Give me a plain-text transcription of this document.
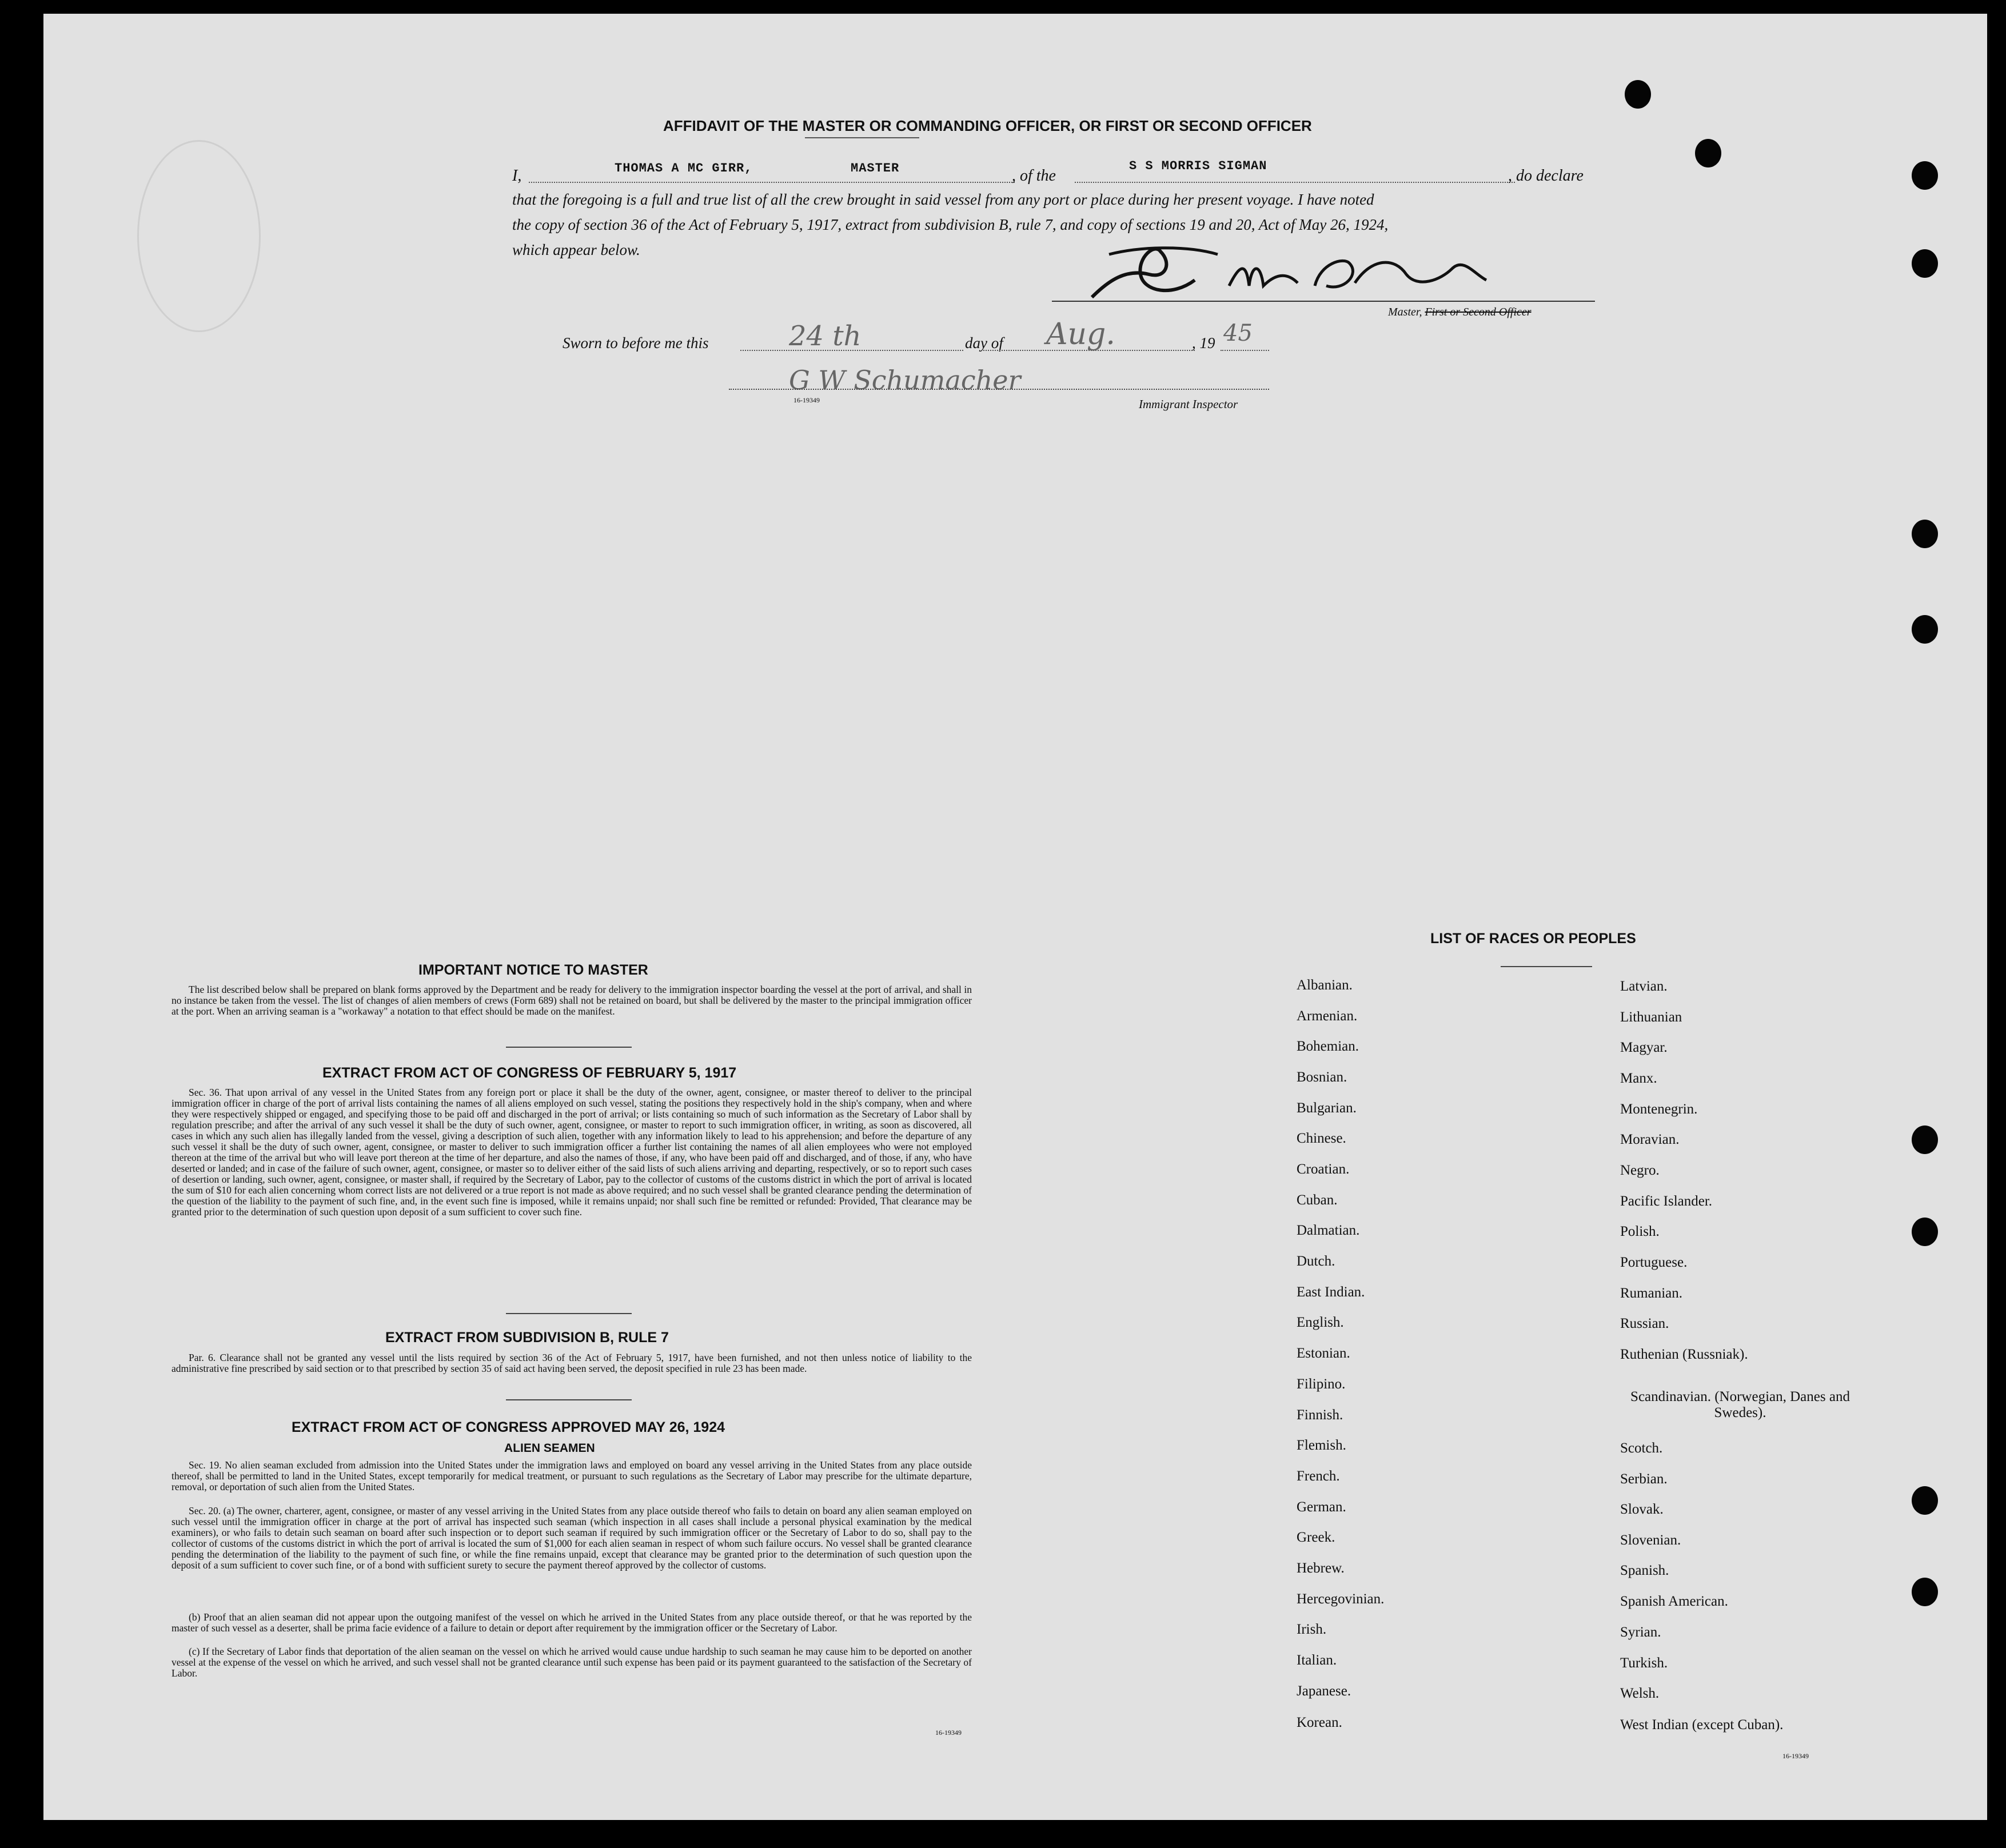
AFFIDAVIT OF THE MASTER OR COMMANDING OFFICER, OR FIRST OR SECOND OFFICER
I,	THOMAS A MC GIRR,	MASTER	, of the
S S MORRIS SIGMAN
, do declare
that the foregoing is a full and true list of all the crew brought in said vessel from any port or place during her present voyage. I have noted
the copy of section 36 of the Act of February 5, 1917, extract from subdivision B, rule 7, and copy of sections 19 and 20, Act of May 26, 1924,
which appear below.
Master, First or Second Officer
Sworn to before me this	24 th	day of Aug.	, 19 45
G W Schumacher
16-19349	Immigrant Inspector
IMPORTANT NOTICE TO MASTER
The list described below shall be prepared on blank forms approved by the Department and be ready for delivery to the immigration inspector boarding the vessel at the port of arrival, and shall in no instance be taken from the vessel. The list of changes of alien members of crews (Form 689) shall not be retained on board, but shall be delivered by the master to the principal immigration officer at the port. When an arriving seaman is a "workaway" a notation to that effect should be made on the manifest.
EXTRACT FROM ACT OF CONGRESS OF FEBRUARY 5, 1917
Sec. 36. That upon arrival of any vessel in the United States from any foreign port or place it shall be the duty of the owner, agent, consignee, or master thereof to deliver to the principal immigration officer in charge of the port of arrival lists containing the names of all aliens employed on such vessel, stating the positions they respectively hold in the ship's company, when and where they were respectively shipped or engaged, and specifying those to be paid off and discharged in the port of arrival; or lists containing so much of such information as the Secretary of Labor shall by regulation prescribe; and after the arrival of any such vessel it shall be the duty of such owner, agent, consignee, or master to report to such immigration officer, in writing, as soon as discovered, all cases in which any such alien has illegally landed from the vessel, giving a description of such alien, together with any information likely to lead to his apprehension; and before the departure of any such vessel it shall be the duty of such owner, agent, consignee, or master to deliver to such immigration officer a further list containing the names of all alien employees who were not employed thereon at the time of the arrival but who will leave port thereon at the time of her departure, and also the names of those, if any, who have been paid off and discharged, and of those, if any, who have deserted or landed; and in case of the failure of such owner, agent, consignee, or master so to deliver either of the said lists of such aliens arriving and departing, respectively, or so to report such cases of desertion or landing, such owner, agent, consignee, or master shall, if required by the Secretary of Labor, pay to the collector of customs of the customs district in which the port of arrival is located the sum of $10 for each alien concerning whom correct lists are not delivered or a true report is not made as above required; and no such vessel shall be granted clearance pending the determination of the question of the liability to the payment of such fine, and, in the event such fine is imposed, while it remains unpaid; nor shall such fine be remitted or refunded: Provided, That clearance may be granted prior to the determination of such question upon deposit of a sum sufficient to cover such fine.
EXTRACT FROM SUBDIVISION B, RULE 7
Par. 6. Clearance shall not be granted any vessel until the lists required by section 36 of the Act of February 5, 1917, have been furnished, and not then unless notice of liability to the administrative fine prescribed by said section or to that prescribed by section 35 of said act having been served, the deposit specified in rule 23 has been made.
EXTRACT FROM ACT OF CONGRESS APPROVED MAY 26, 1924
ALIEN SEAMEN
Sec. 19. No alien seaman excluded from admission into the United States under the immigration laws and employed on board any vessel arriving in the United States from any place outside thereof, shall be permitted to land in the United States, except temporarily for medical treatment, or pursuant to such regulations as the Secretary of Labor may prescribe for the ultimate departure, removal, or deportation of such alien from the United States.
Sec. 20. (a) The owner, charterer, agent, consignee, or master of any vessel arriving in the United States from any place outside thereof who fails to detain on board any alien seaman employed on such vessel until the immigration officer in charge at the port of arrival has inspected such seaman (which inspection in all cases shall include a personal physical examination by the medical examiners), or who fails to detain such seaman on board after such inspection or to deport such seaman if required by such immigration officer or the Secretary of Labor to do so, shall pay to the collector of customs of the customs district in which the port of arrival is located the sum of $1,000 for each alien seaman in respect of whom such failure occurs. No vessel shall be granted clearance pending the determination of the liability to the payment of such fine, or while the fine remains unpaid, except that clearance may be granted prior to the determination of such question upon the deposit of a sum sufficient to cover such fine, or of a bond with sufficient surety to secure the payment thereof approved by the collector of customs.
(b) Proof that an alien seaman did not appear upon the outgoing manifest of the vessel on which he arrived in the United States from any place outside thereof, or that he was reported by the master of such vessel as a deserter, shall be prima facie evidence of a failure to detain or deport after requirement by the immigration officer or the Secretary of Labor.
(c) If the Secretary of Labor finds that deportation of the alien seaman on the vessel on which he arrived would cause undue hardship to such seaman he may cause him to be deported on another vessel at the expense of the vessel on which he arrived, and such vessel shall not be granted clearance until such expense has been paid or its payment guaranteed to the satisfaction of the Secretary of Labor.
16-19349
LIST OF RACES OR PEOPLES
Albanian.
Armenian.
Bohemian.
Bosnian.
Bulgarian.
Chinese.
Croatian.
Cuban.
Dalmatian.
Dutch.
East Indian.
English.
Estonian.
Filipino.
Finnish.
Flemish.
French.
German.
Greek.
Hebrew.
Hercegovinian.
Irish.
Italian.
Japanese.
Korean.
Latvian.
Lithuanian
Magyar.
Manx.
Montenegrin.
Moravian.
Negro.
Pacific Islander.
Polish.
Portuguese.
Rumanian.
Russian.
Ruthenian (Russniak).
Scandinavian. (Norwegian, Danes and Swedes).
Scotch.
Serbian.
Slovak.
Slovenian.
Spanish.
Spanish American.
Syrian.
Turkish.
Welsh.
West Indian (except Cuban).
16-19349
